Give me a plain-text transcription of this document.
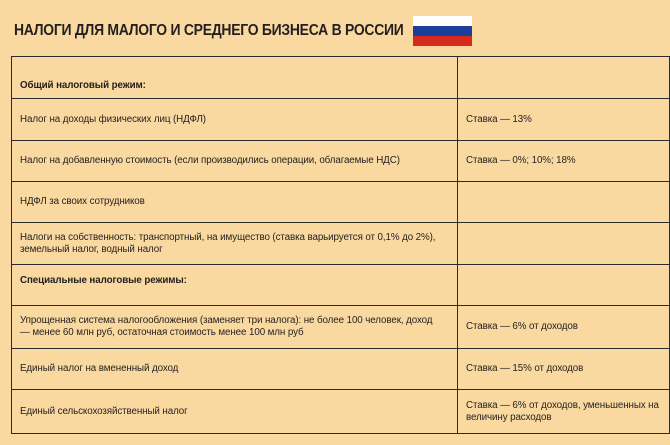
НАЛОГИ ДЛЯ МАЛОГО И СРЕДНЕГО БИЗНЕСА В РОССИИ
Общий налоговый режим:	
Налог на доходы физических лиц (НДФЛ)	Ставка — 13%
Налог на добавленную стоимость (если производились операции, облагаемые НДС)	Ставка — 0%; 10%; 18%
НДФЛ за своих сотрудников	
Налоги на собственность: транспортный, на имущество (ставка варьируется от 0,1% до 2%), земельный налог, водный налог	
Специальные налоговые режимы:	
Упрощенная система налогообложения (заменяет три налога): не более 100 человек, доход — менее 60 млн руб, остаточная стоимость менее 100 млн руб	Ставка — 6% от доходов
Единый налог на вмененный доход	Ставка — 15% от доходов
Единый сельскохозяйственный налог	Ставка — 6% от доходов, уменьшенных на величину расходов
